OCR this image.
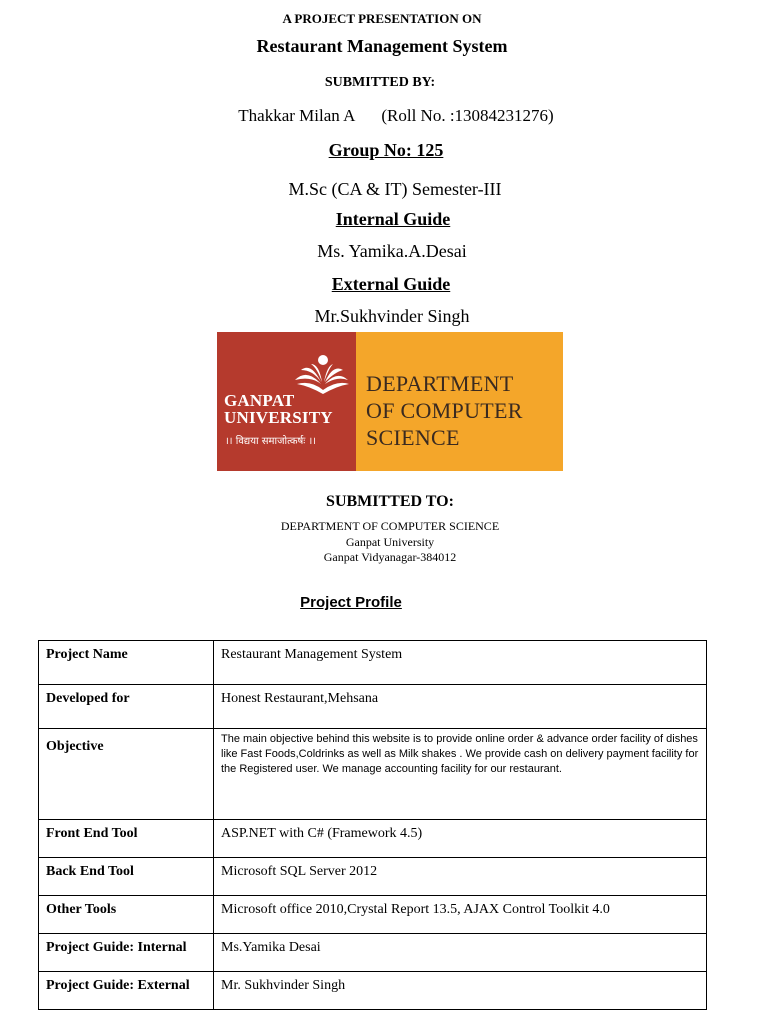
A PROJECT PRESENTATION ON
Restaurant Management System
SUBMITTED BY:
Thakkar Milan A (Roll No. :13084231276)
Group No: 125
M.Sc (CA & IT) Semester-III
Internal Guide
Ms. Yamika.A.Desai
External Guide
Mr.Sukhvinder Singh
GANPAT
UNIVERSITY
।। विद्यया समाजोत्कर्षः ।।
DEPARTMENT
OF COMPUTER
SCIENCE
SUBMITTED TO:
DEPARTMENT OF COMPUTER SCIENCE
Ganpat University
Ganpat Vidyanagar-384012
Project Profile
Project Name	Restaurant Management System
Developed for	Honest Restaurant,Mehsana
Objective	The main objective behind this website is to provide online order & advance order facility of dishes like Fast Foods,Coldrinks as well as Milk shakes . We provide cash on delivery payment facility for the Registered user. We manage accounting facility for our restaurant.
Front End Tool	ASP.NET with C# (Framework 4.5)
Back End Tool	Microsoft SQL Server 2012
Other Tools	Microsoft office 2010,Crystal Report 13.5, AJAX Control Toolkit 4.0
Project Guide: Internal	Ms.Yamika Desai
Project Guide: External	Mr. Sukhvinder Singh
